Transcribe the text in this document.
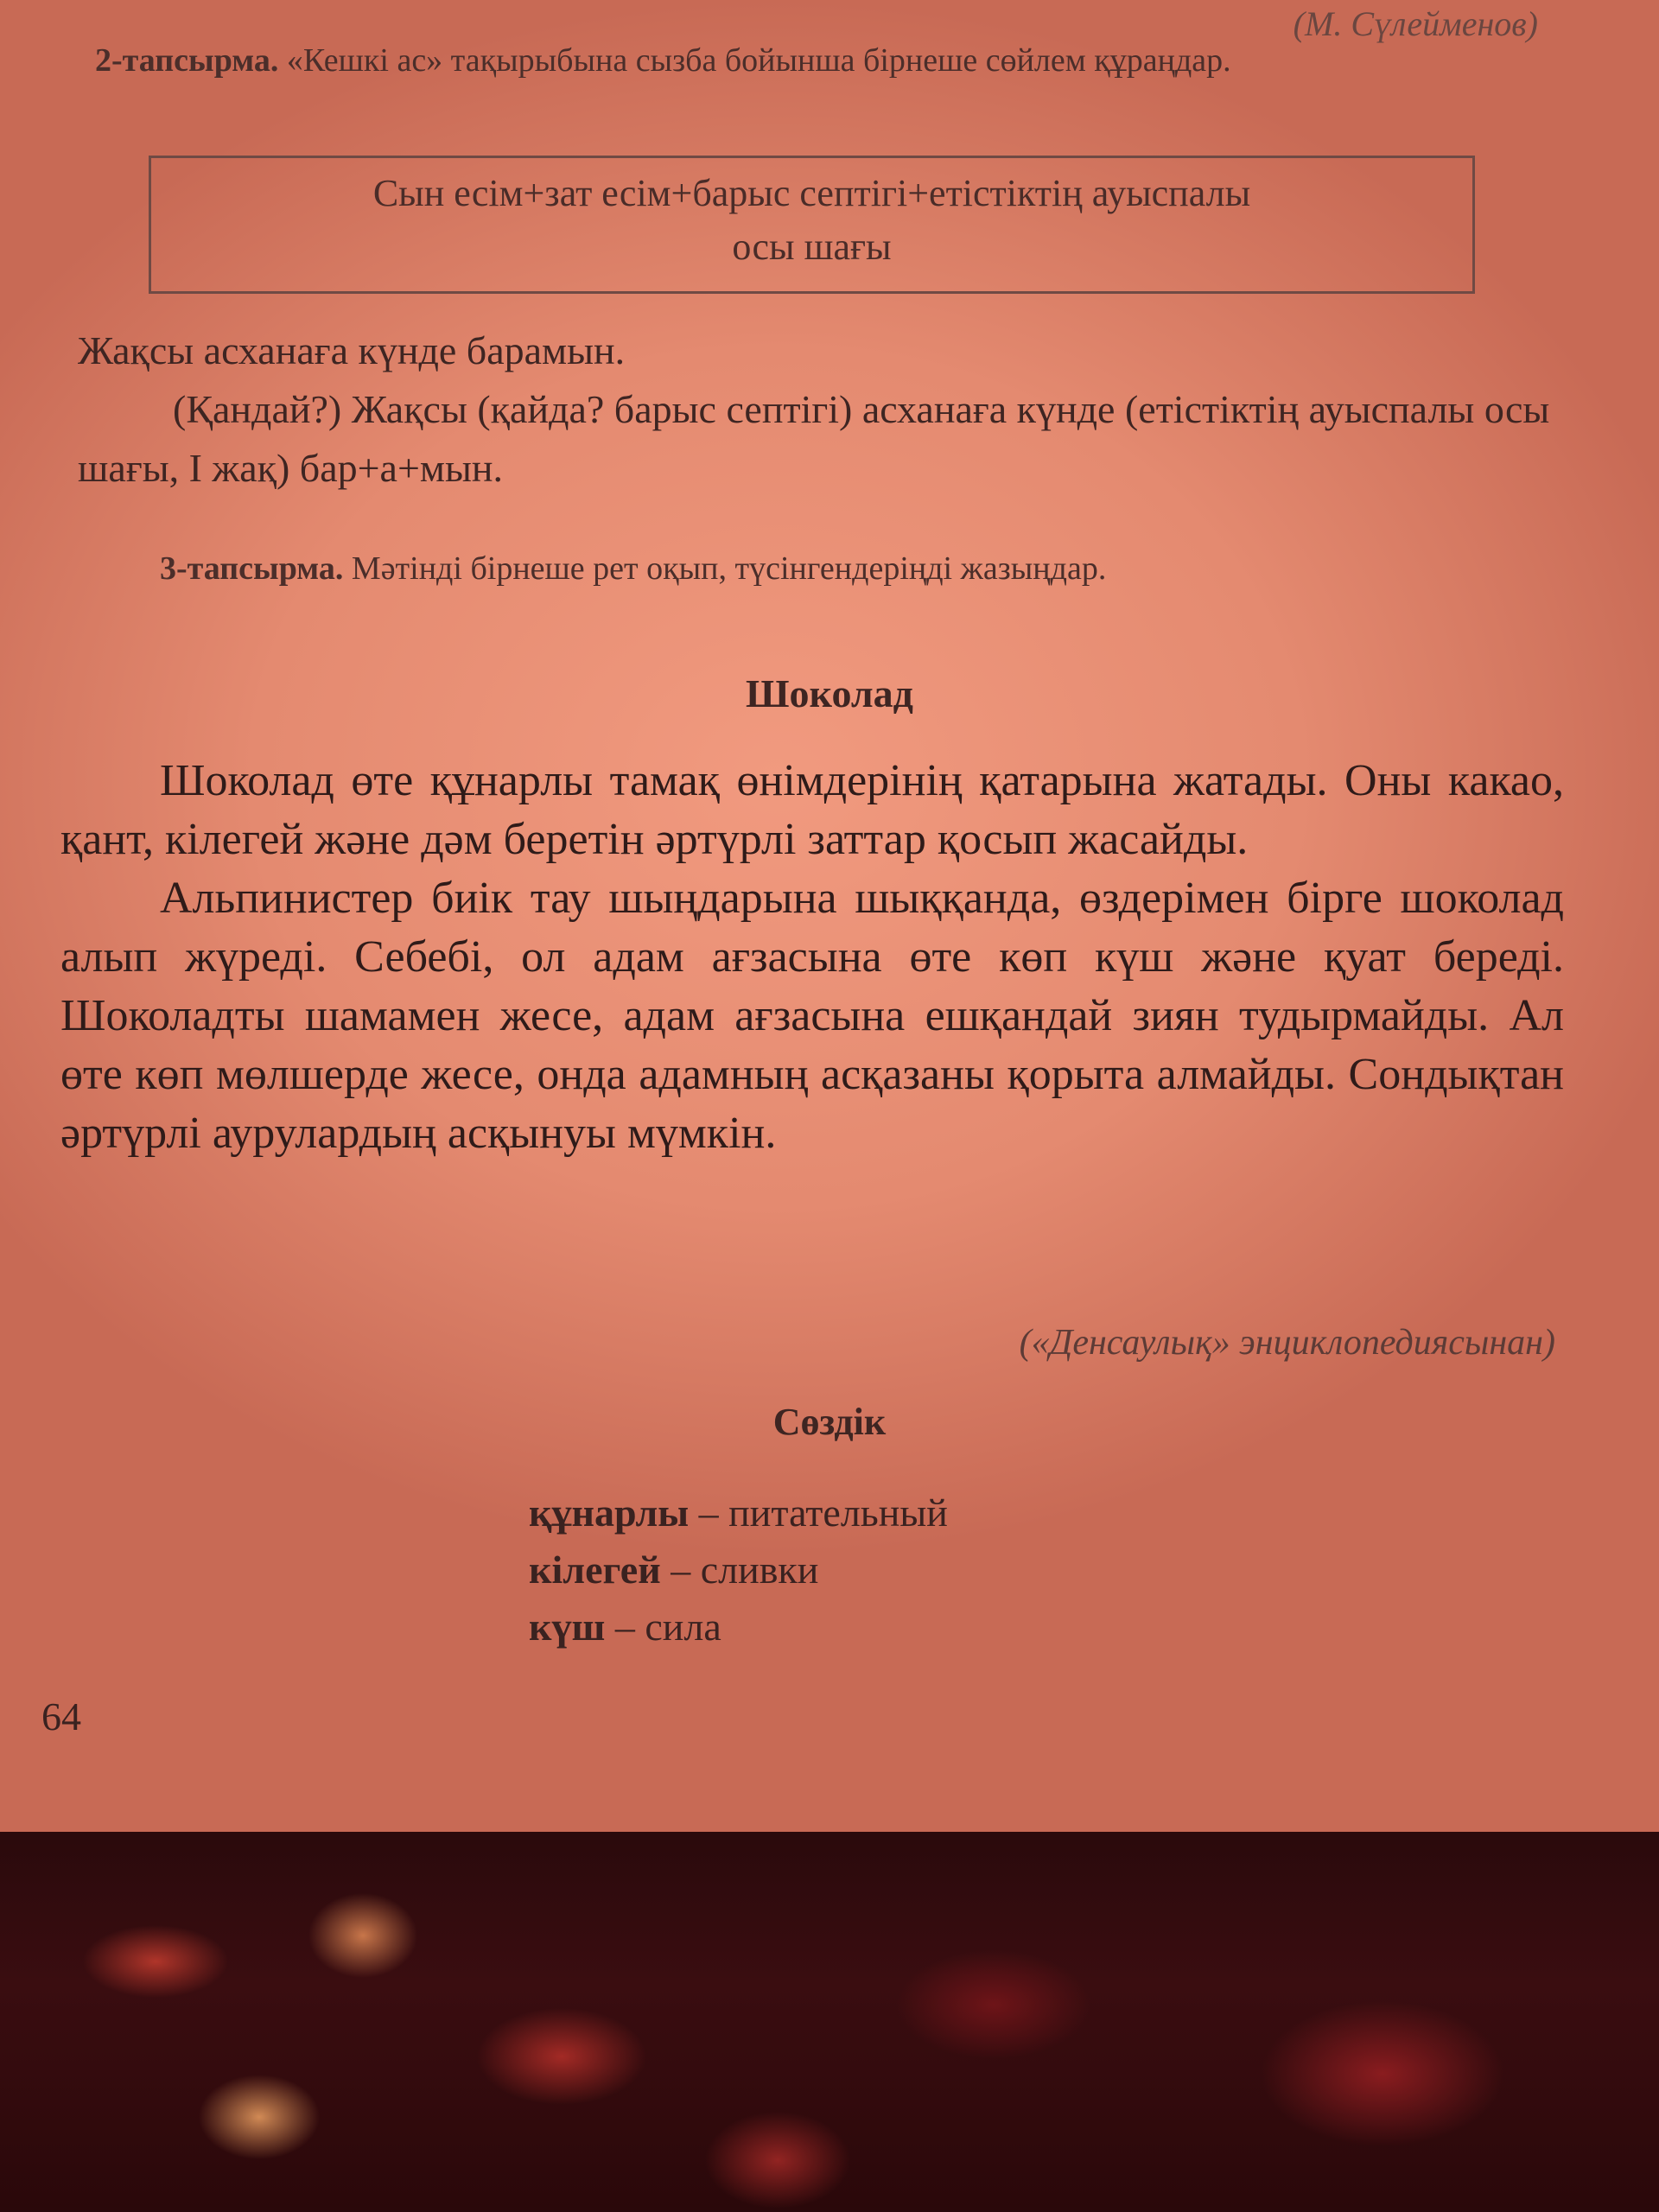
(М. Сүлейменов)
2-тапсырма. «Кешкі ас» тақырыбына сызба бойынша бірнеше сөйлем құраңдар.
Сын есім+зат есім+барыс септігі+етістіктің ауыспалы
осы шағы

Жақсы асханаға күнде барамын.

(Қандай?) Жақсы (қайда? барыс септігі) асханаға күнде (етістіктің ауыспалы осы шағы, I жақ) бар+а+мын.

3-тапсырма. Мәтінді бірнеше рет оқып, түсінгендеріңді жазыңдар.

Шоколад

Шоколад өте құнарлы тамақ өнімдерінің қатарына жатады. Оны какао, қант, кілегей және дәм беретін әртүрлі заттар қосып жасайды.

Альпинистер биік тау шыңдарына шыққанда, өздерімен бірге шоколад алып жүреді. Себебі, ол адам ағзасына өте көп күш және қуат береді. Шоколадты шамамен жесе, адам ағзасына ешқандай зиян тудырмайды. Ал өте көп мөлшерде жесе, онда адамның асқазаны қорыта алмайды. Сондықтан әртүрлі аурулардың асқынуы мүмкін.

(«Денсаулық» энциклопедиясынан)
Сөздік
құнарлы – питательный
кілегей – сливки
күш – сила
64
